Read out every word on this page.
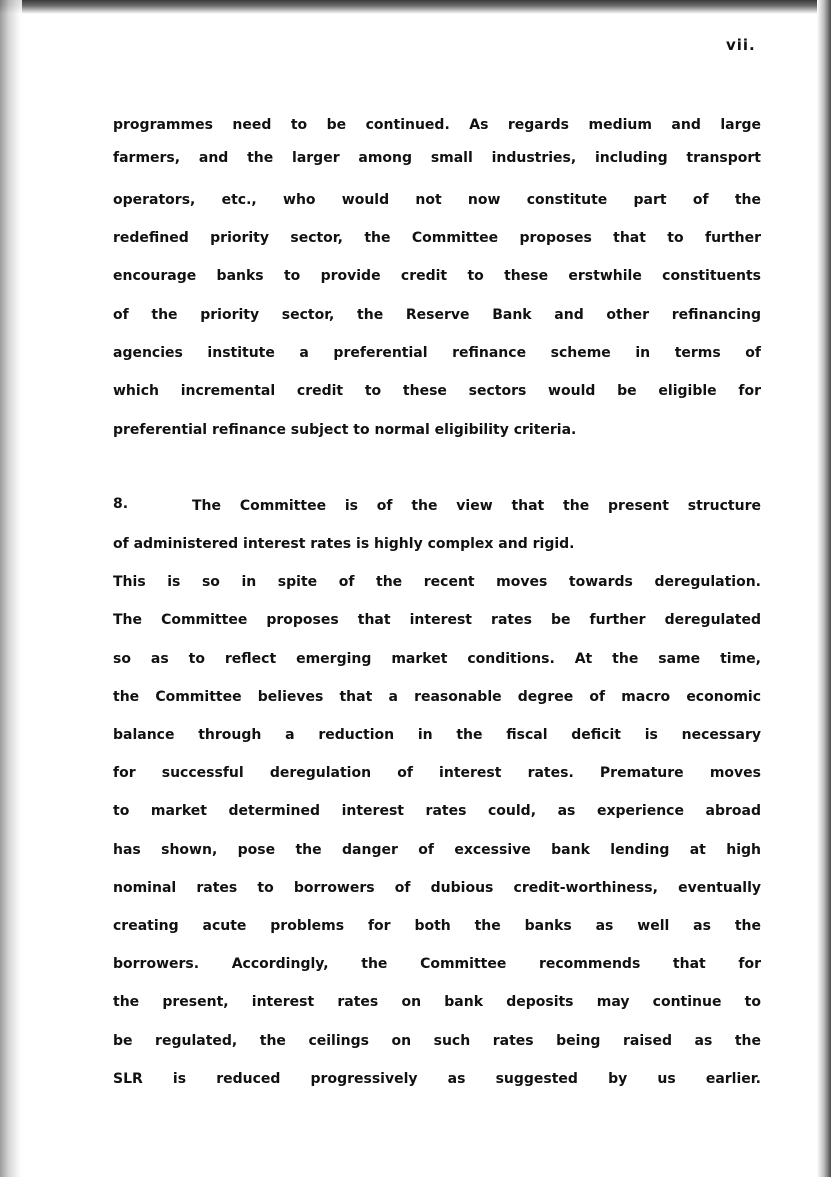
vii.
programmes need to be continued. As regards medium and large
farmers, and the larger among small industries, including transport
operators, etc., who would not now constitute part of the
redefined priority sector, the Committee proposes that to further
encourage banks to provide credit to these erstwhile constituents
of the priority sector, the Reserve Bank and other refinancing
agencies institute a preferential refinance scheme in terms of
which incremental credit to these sectors would be eligible for
preferential refinance subject to normal eligibility criteria.
8.	The Committee is of the view that the present structure
of administered interest rates is highly complex and rigid.
This is so in spite of the recent moves towards deregulation.
The Committee proposes that interest rates be further deregulated
so as to reflect emerging market conditions. At the same time,
the Committee believes that a reasonable degree of macro economic
balance through a reduction in the fiscal deficit is necessary
for successful deregulation of interest rates. Premature moves
to market determined interest rates could, as experience abroad
has shown, pose the danger of excessive bank lending at high
nominal rates to borrowers of dubious credit-worthiness, eventually
creating acute problems for both the banks as well as the
borrowers. Accordingly, the Committee recommends that for
the present, interest rates on bank deposits may continue to
be regulated, the ceilings on such rates being raised as the
SLR is reduced progressively as suggested by us earlier.
